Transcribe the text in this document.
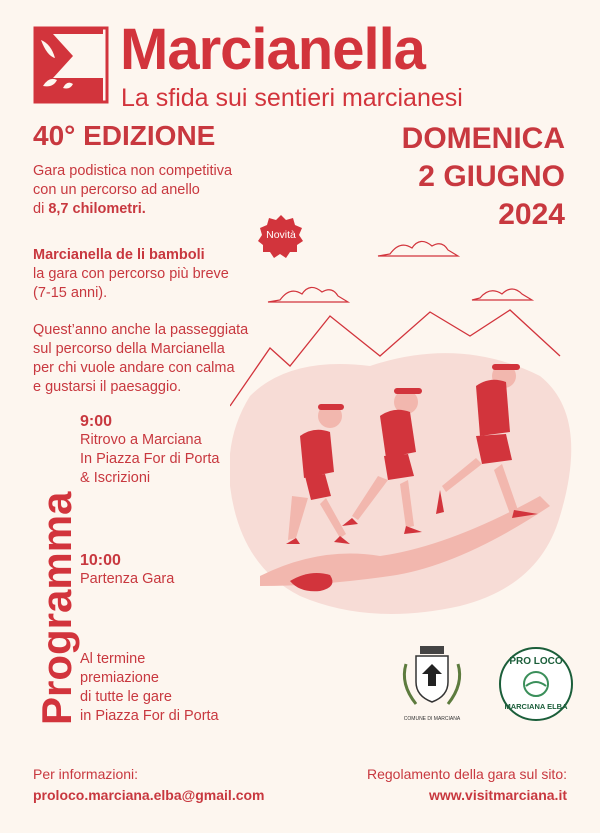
Marcianella
La sfida sui sentieri marcianesi
40° EDIZIONE	DOMENICA
2 GIUGNO
2024
Gara podistica non competitiva
con un percorso ad anello
di 8,7 chilometri.
Novità
Marcianella de li bamboli
la gara con percorso più breve
(7-15 anni).
Quest’anno anche la passeggiata
sul percorso della Marcianella
per chi vuole andare con calma
e gustarsi il paesaggio.
Programma
9:00
Ritrovo a Marciana
In Piazza For di Porta
& Iscrizioni
10:00
Partenza Gara
Al termine
premiazione
di tutte le gare
in Piazza For di Porta	COMUNE DI MARCIANA
PRO LOCO
MARCIANA ELBA
Per informazioni:
proloco.marciana.elba@gmail.com
Regolamento della gara sul sito:
www.visitmarciana.it
